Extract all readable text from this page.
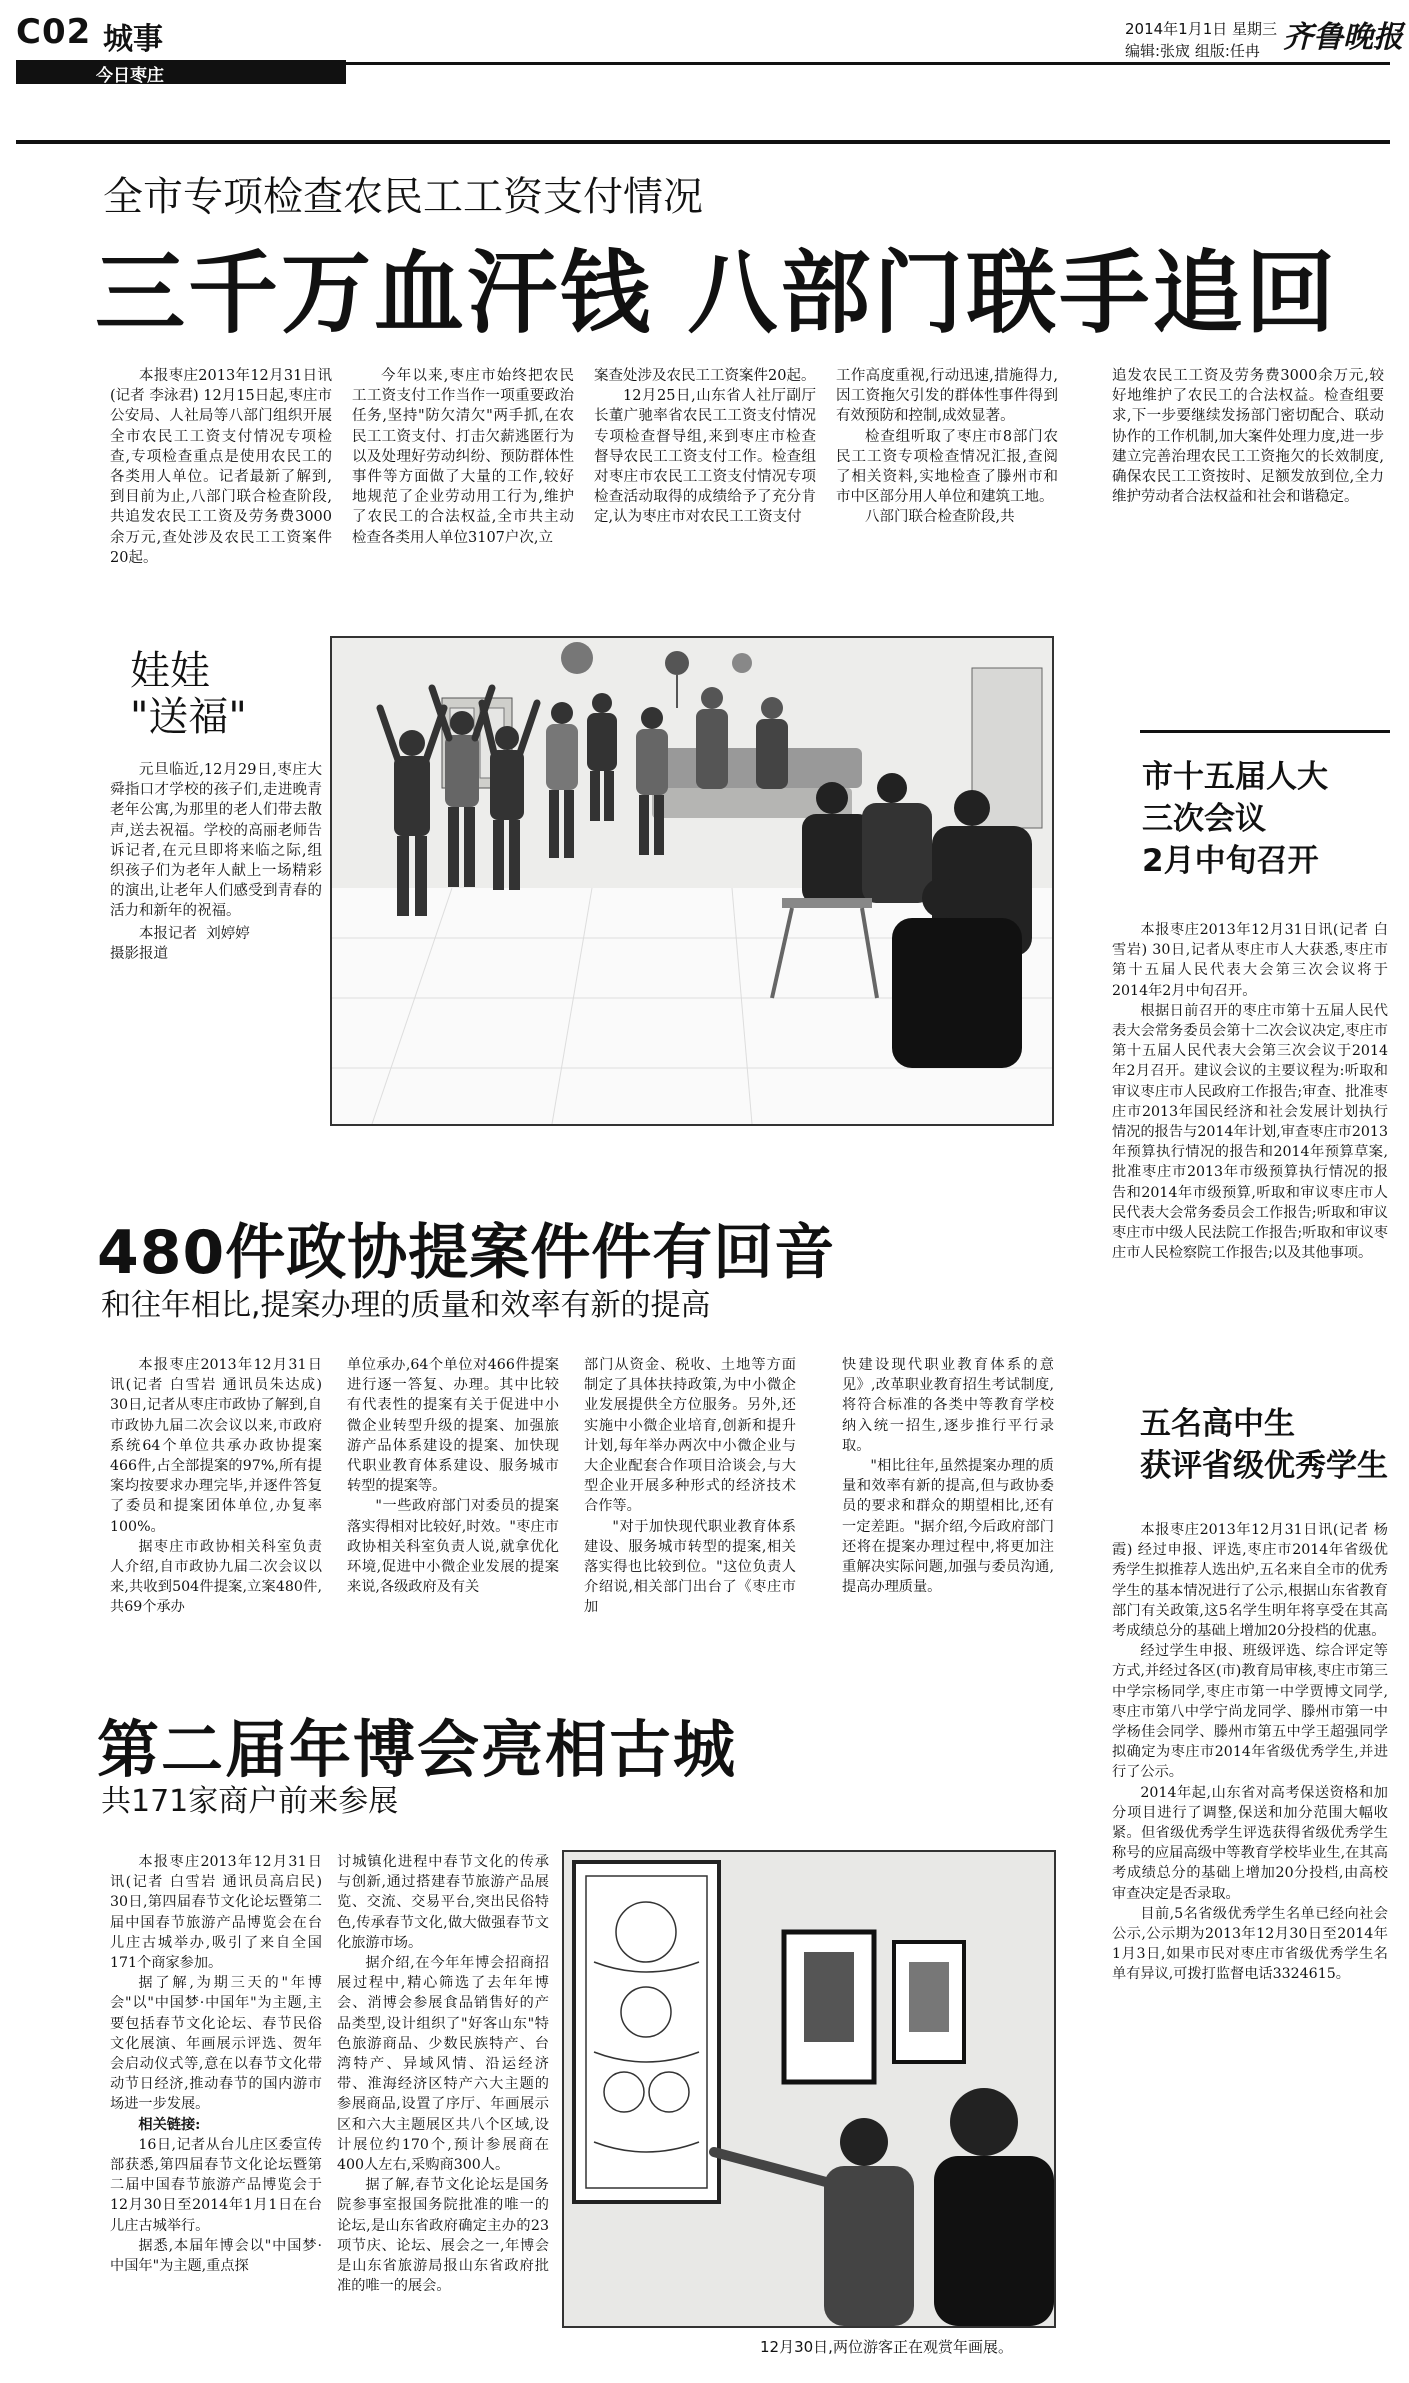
C02 城事
今日枣庄
2014年1月1日 星期三
编辑:张宬 组版:任冉 齐鲁晚报
全市专项检查农民工工资支付情况
三千万血汗钱 八部门联手追回

本报枣庄2013年12月31日讯(记者 李泳君) 12月15日起,枣庄市公安局、人社局等八部门组织开展全市农民工工资支付情况专项检查,专项检查重点是使用农民工的各类用人单位。记者最新了解到,到目前为止,八部门联合检查阶段,共追发农民工工资及劳务费3000余万元,查处涉及农民工工资案件20起。

今年以来,枣庄市始终把农民工工资支付工作当作一项重要政治任务,坚持"防欠清欠"两手抓,在农民工工资支付、打击欠薪逃匿行为以及处理好劳动纠纷、预防群体性事件等方面做了大量的工作,较好地规范了企业劳动用工行为,维护了农民工的合法权益,全市共主动检查各类用人单位3107户次,立

案查处涉及农民工工资案件20起。

12月25日,山东省人社厅副厅长董广驰率省农民工工资支付情况专项检查督导组,来到枣庄市检查督导农民工工资支付工作。检查组对枣庄市农民工工资支付情况专项检查活动取得的成绩给予了充分肯定,认为枣庄市对农民工工资支付

工作高度重视,行动迅速,措施得力,因工资拖欠引发的群体性事件得到有效预防和控制,成效显著。

检查组听取了枣庄市8部门农民工工资专项检查情况汇报,查阅了相关资料,实地检查了滕州市和市中区部分用人单位和建筑工地。

八部门联合检查阶段,共

追发农民工工资及劳务费3000余万元,较好地维护了农民工的合法权益。检查组要求,下一步要继续发扬部门密切配合、联动协作的工作机制,加大案件处理力度,进一步建立完善治理农民工工资拖欠的长效制度,确保农民工工资按时、足额发放到位,全力维护劳动者合法权益和社会和谐稳定。

娃娃
"送福"

元旦临近,12月29日,枣庄大舜指口才学校的孩子们,走进晚青老年公寓,为那里的老人们带去散声,送去祝福。学校的高丽老师告诉记者,在元旦即将来临之际,组织孩子们为老年人献上一场精彩的演出,让老年人们感受到青春的活力和新年的祝福。

本报记者  刘婷婷
摄影报道

市十五届人大
三次会议
2月中旬召开

本报枣庄2013年12月31日讯(记者 白雪岩) 30日,记者从枣庄市人大获悉,枣庄市第十五届人民代表大会第三次会议将于2014年2月中旬召开。

根据日前召开的枣庄市第十五届人民代表大会常务委员会第十二次会议决定,枣庄市第十五届人民代表大会第三次会议于2014年2月召开。建议会议的主要议程为:听取和审议枣庄市人民政府工作报告;审查、批准枣庄市2013年国民经济和社会发展计划执行情况的报告与2014年计划,审查枣庄市2013年预算执行情况的报告和2014年预算草案,批准枣庄市2013年市级预算执行情况的报告和2014年市级预算,听取和审议枣庄市人民代表大会常务委员会工作报告;听取和审议枣庄市中级人民法院工作报告;听取和审议枣庄市人民检察院工作报告;以及其他事项。

五名高中生
获评省级优秀学生

本报枣庄2013年12月31日讯(记者 杨霞) 经过申报、评选,枣庄市2014年省级优秀学生拟推荐人选出炉,五名来自全市的优秀学生的基本情况进行了公示,根据山东省教育部门有关政策,这5名学生明年将享受在其高考成绩总分的基础上增加20分投档的优惠。

经过学生申报、班级评选、综合评定等方式,并经过各区(市)教育局审核,枣庄市第三中学宗杨同学,枣庄市第一中学贾博文同学,枣庄市第八中学宁尚龙同学、滕州市第一中学杨佳会同学、滕州市第五中学王超强同学拟确定为枣庄市2014年省级优秀学生,并进行了公示。

2014年起,山东省对高考保送资格和加分项目进行了调整,保送和加分范围大幅收紧。但省级优秀学生评选获得省级优秀学生称号的应届高级中等教育学校毕业生,在其高考成绩总分的基础上增加20分投档,由高校审查决定是否录取。

目前,5名省级优秀学生名单已经向社会公示,公示期为2013年12月30日至2014年1月3日,如果市民对枣庄市省级优秀学生名单有异议,可拨打监督电话3324615。

480件政协提案件件有回音
和往年相比,提案办理的质量和效率有新的提高

本报枣庄2013年12月31日讯(记者 白雪岩 通讯员朱达成) 30日,记者从枣庄市政协了解到,自市政协九届二次会议以来,市政府系统64个单位共承办政协提案466件,占全部提案的97%,所有提案均按要求办理完毕,并逐件答复了委员和提案团体单位,办复率100%。

据枣庄市政协相关科室负责人介绍,自市政协九届二次会议以来,共收到504件提案,立案480件,共69个承办

单位承办,64个单位对466件提案进行逐一答复、办理。其中比较有代表性的提案有关于促进中小微企业转型升级的提案、加强旅游产品体系建设的提案、加快现代职业教育体系建设、服务城市转型的提案等。

"一些政府部门对委员的提案落实得相对比较好,时效。"枣庄市政协相关科室负责人说,就拿优化环境,促进中小微企业发展的提案来说,各级政府及有关

部门从资金、税收、土地等方面制定了具体扶持政策,为中小微企业发展提供全方位服务。另外,还实施中小微企业培育,创新和提升计划,每年举办两次中小微企业与大企业配套合作项目洽谈会,与大型企业开展多种形式的经济技术合作等。

"对于加快现代职业教育体系建设、服务城市转型的提案,相关落实得也比较到位。"这位负责人介绍说,相关部门出台了《枣庄市加

快建设现代职业教育体系的意见》,改革职业教育招生考试制度,将符合标准的各类中等教育学校纳入统一招生,逐步推行平行录取。

"相比往年,虽然提案办理的质量和效率有新的提高,但与政协委员的要求和群众的期望相比,还有一定差距。"据介绍,今后政府部门还将在提案办理过程中,将更加注重解决实际问题,加强与委员沟通,提高办理质量。

第二届年博会亮相古城
共171家商户前来参展

本报枣庄2013年12月31日讯(记者 白雪岩 通讯员高启民) 30日,第四届春节文化论坛暨第二届中国春节旅游产品博览会在台儿庄古城举办,吸引了来自全国171个商家参加。

据了解,为期三天的"年博会"以"中国梦·中国年"为主题,主要包括春节文化论坛、春节民俗文化展演、年画展示评选、贺年会启动仪式等,意在以春节文化带动节日经济,推动春节的国内游市场进一步发展。

相关链接:

16日,记者从台儿庄区委宣传部获悉,第四届春节文化论坛暨第二届中国春节旅游产品博览会于12月30日至2014年1月1日在台儿庄古城举行。

据悉,本届年博会以"中国梦·中国年"为主题,重点探

讨城镇化进程中春节文化的传承与创新,通过搭建春节旅游产品展览、交流、交易平台,突出民俗特色,传承春节文化,做大做强春节文化旅游市场。

据介绍,在今年年博会招商招展过程中,精心筛选了去年年博会、消博会参展食品销售好的产品类型,设计组织了"好客山东"特色旅游商品、少数民族特产、台湾特产、异域风情、沿运经济带、淮海经济区特产六大主题的参展商品,设置了序厅、年画展示区和六大主题展区共八个区域,设计展位约170个,预计参展商在400人左右,采购商300人。

据了解,春节文化论坛是国务院参事室报国务院批准的唯一的论坛,是山东省政府确定主办的23项节庆、论坛、展会之一,年博会是山东省旅游局报山东省政府批准的唯一的展会。

12月30日,两位游客正在观赏年画展。
